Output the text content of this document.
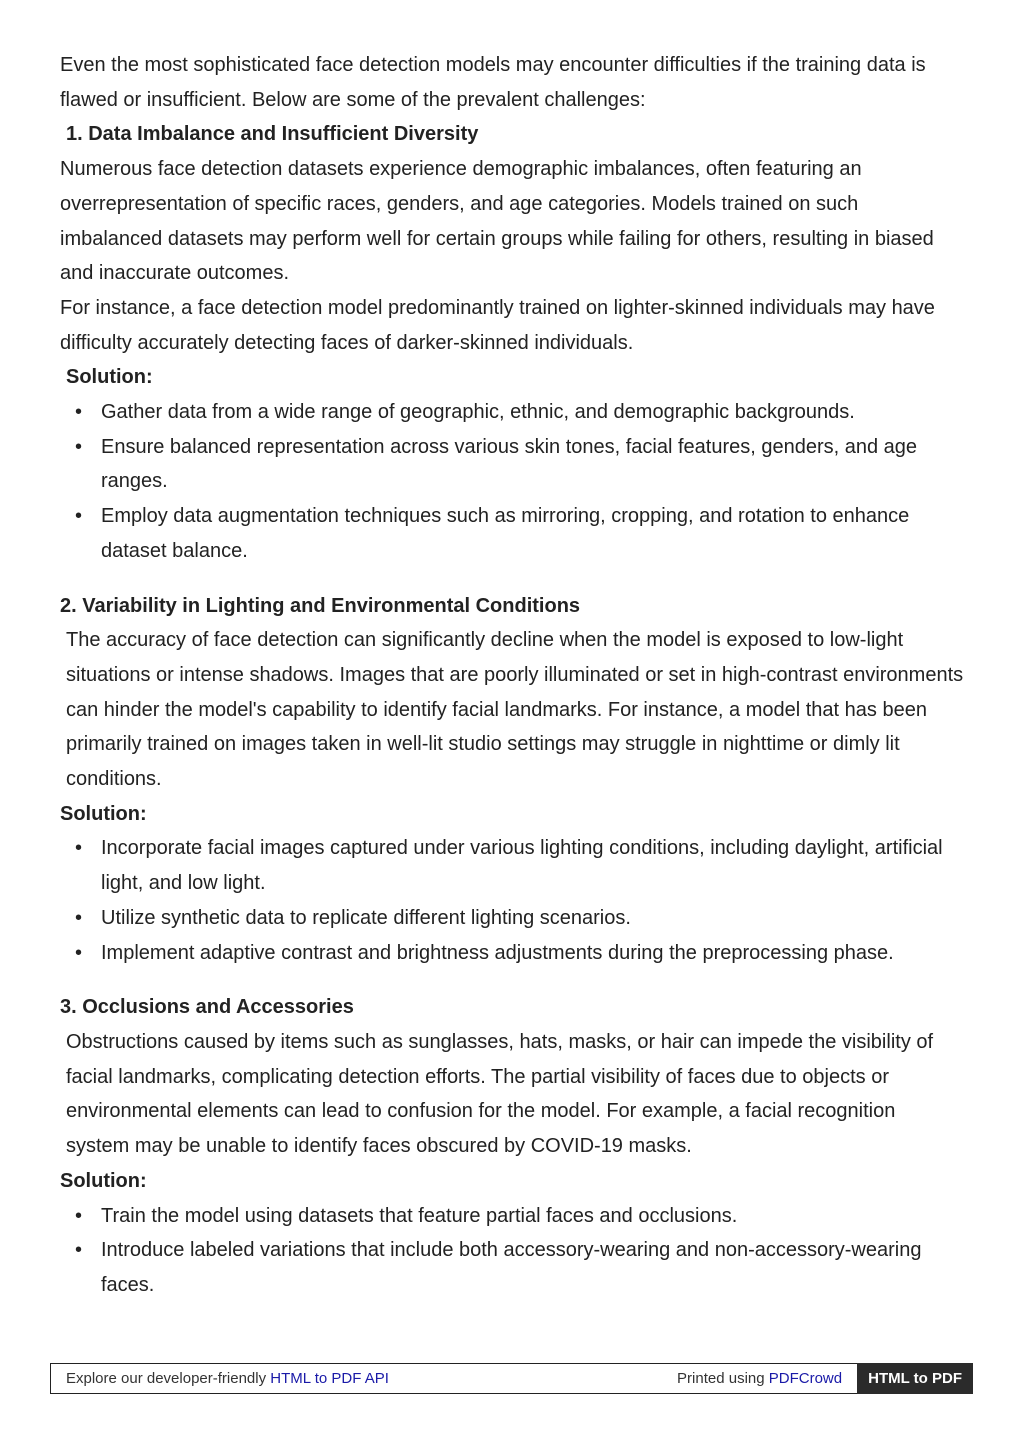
Even the most sophisticated face detection models may encounter difficulties if the training data is flawed or insufficient. Below are some of the prevalent challenges:

1. Data Imbalance and Insufficient Diversity

Numerous face detection datasets experience demographic imbalances, often featuring an overrepresentation of specific races, genders, and age categories. Models trained on such imbalanced datasets may perform well for certain groups while failing for others, resulting in biased and inaccurate outcomes.

For instance, a face detection model predominantly trained on lighter-skinned individuals may have difficulty accurately detecting faces of darker-skinned individuals.

Solution:

• Gather data from a wide range of geographic, ethnic, and demographic backgrounds.
• Ensure balanced representation across various skin tones, facial features, genders, and age ranges.
• Employ data augmentation techniques such as mirroring, cropping, and rotation to enhance dataset balance.

2. Variability in Lighting and Environmental Conditions

The accuracy of face detection can significantly decline when the model is exposed to low-light situations or intense shadows. Images that are poorly illuminated or set in high-contrast environments can hinder the model's capability to identify facial landmarks. For instance, a model that has been primarily trained on images taken in well-lit studio settings may struggle in nighttime or dimly lit conditions.

Solution:

• Incorporate facial images captured under various lighting conditions, including daylight, artificial light, and low light.
• Utilize synthetic data to replicate different lighting scenarios.
• Implement adaptive contrast and brightness adjustments during the preprocessing phase.

3. Occlusions and Accessories

Obstructions caused by items such as sunglasses, hats, masks, or hair can impede the visibility of facial landmarks, complicating detection efforts. The partial visibility of faces due to objects or environmental elements can lead to confusion for the model. For example, a facial recognition system may be unable to identify faces obscured by COVID-19 masks.

Solution:

• Train the model using datasets that feature partial faces and occlusions.
• Introduce labeled variations that include both accessory-wearing and non-accessory-wearing faces.
Explore our developer-friendly HTML to PDF API	Printed using PDFCrowd	HTML to PDF
